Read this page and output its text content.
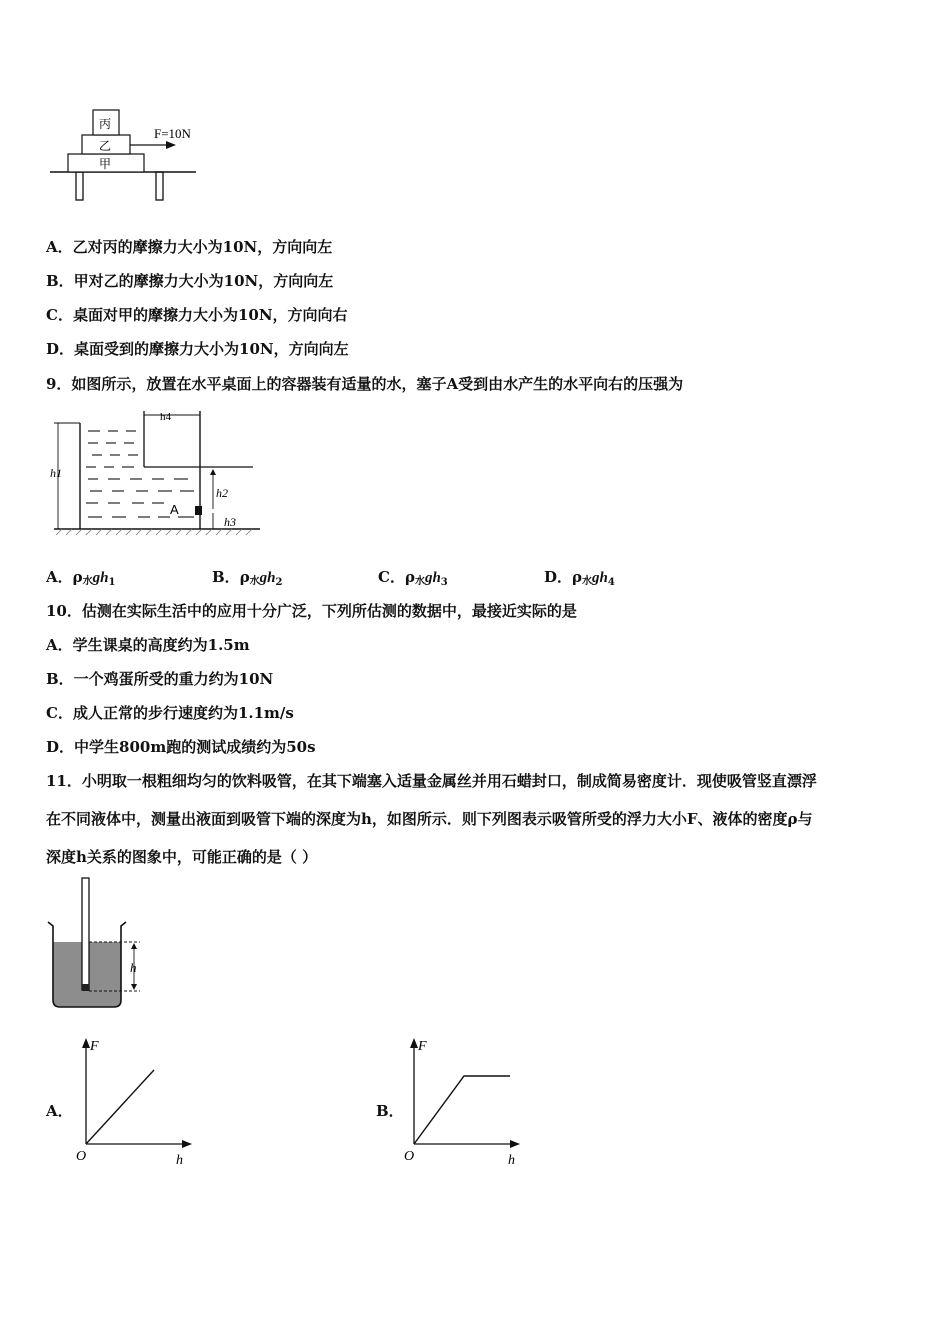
甲
乙
丙
F=10N
A．乙对丙的摩擦力大小为10N，方向向左
B．甲对乙的摩擦力大小为10N，方向向左
C．桌面对甲的摩擦力大小为10N，方向向右
D．桌面受到的摩擦力大小为10N，方向向左
9．如图所示，放置在水平桌面上的容器装有适量的水，塞子A受到由水产生的水平向右的压强为
A
h1
h4
h2
h3
A．ρ水gh1	B．ρ水gh2	C．ρ水gh3	D．ρ水gh4
10．估测在实际生活中的应用十分广泛，下列所估测的数据中，最接近实际的是
A．学生课桌的高度约为1.5m
B．一个鸡蛋所受的重力约为10N
C．成人正常的步行速度约为1.1m/s
D．中学生800m跑的测试成绩约为50s
11．小明取一根粗细均匀的饮料吸管，在其下端塞入适量金属丝并用石蜡封口，制成简易密度计．现使吸管竖直漂浮
在不同液体中，测量出液面到吸管下端的深度为h，如图所示．则下列图表示吸管所受的浮力大小F、液体的密度ρ与
深度h关系的图象中，可能正确的是（ ）
h
A．
F
h
O
B．
F
h
O
